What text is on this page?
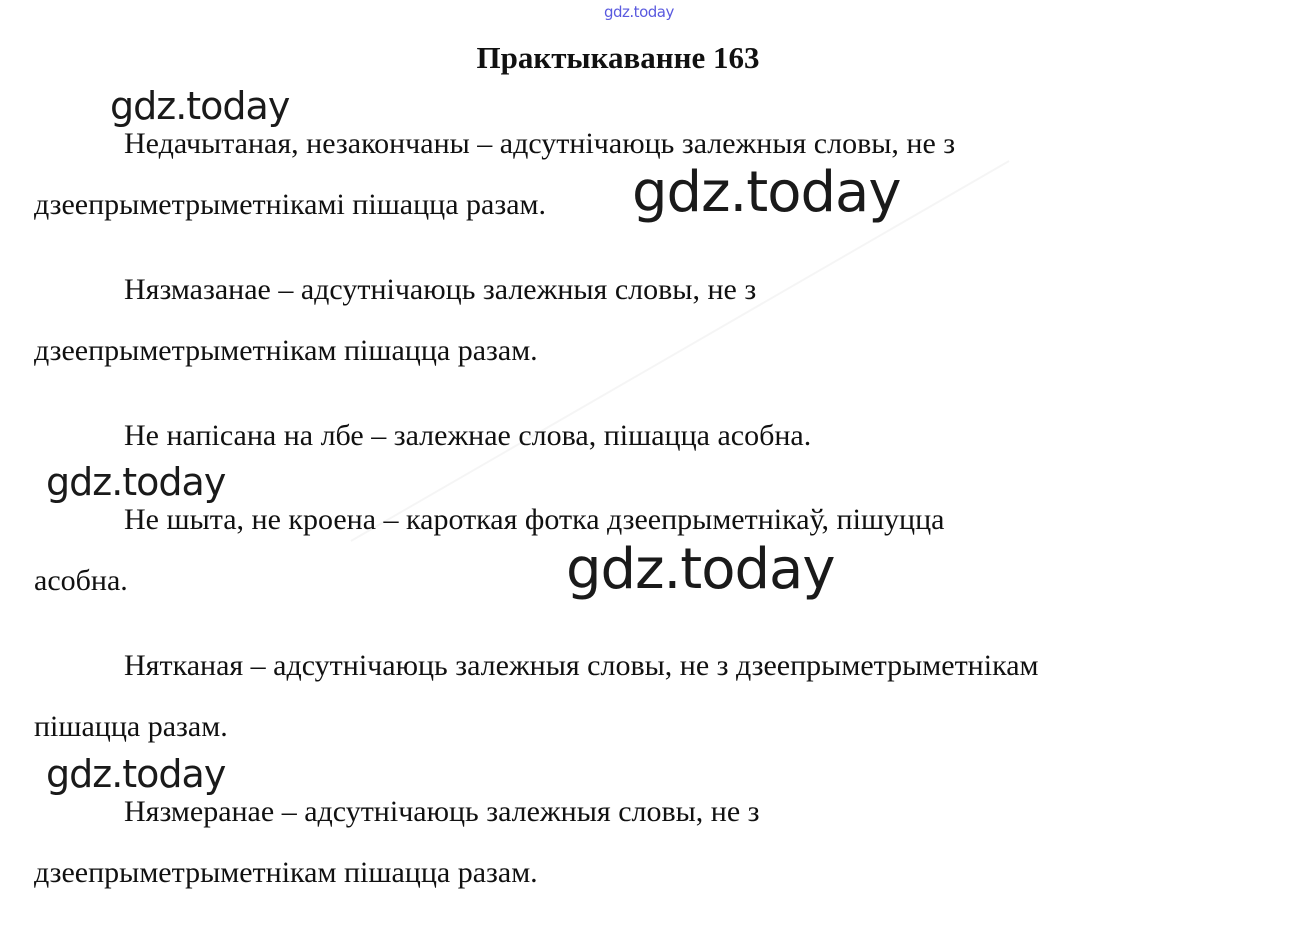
gdz.today
Практыкаванне 163
gdz.today
gdz.today
gdz.today
gdz.today
gdz.today
Недачытаная, незакончаны – адсутнічаюць залежныя словы, не з
дзеепрыметрыметнікамі пішацца разам.
Нязмазанае – адсутнічаюць залежныя словы, не з
дзеепрыметрыметнікам пішацца разам.
Не напісана на лбе – залежнае слова, пішацца асобна.
Не шыта, не кроена – кароткая фотка дзеепрыметнікаў, пішуцца
асобна.
Нятканая – адсутнічаюць залежныя словы, не з дзеепрыметрыметнікам
пішацца разам.
Нязмеранае – адсутнічаюць залежныя словы, не з
дзеепрыметрыметнікам пішацца разам.
